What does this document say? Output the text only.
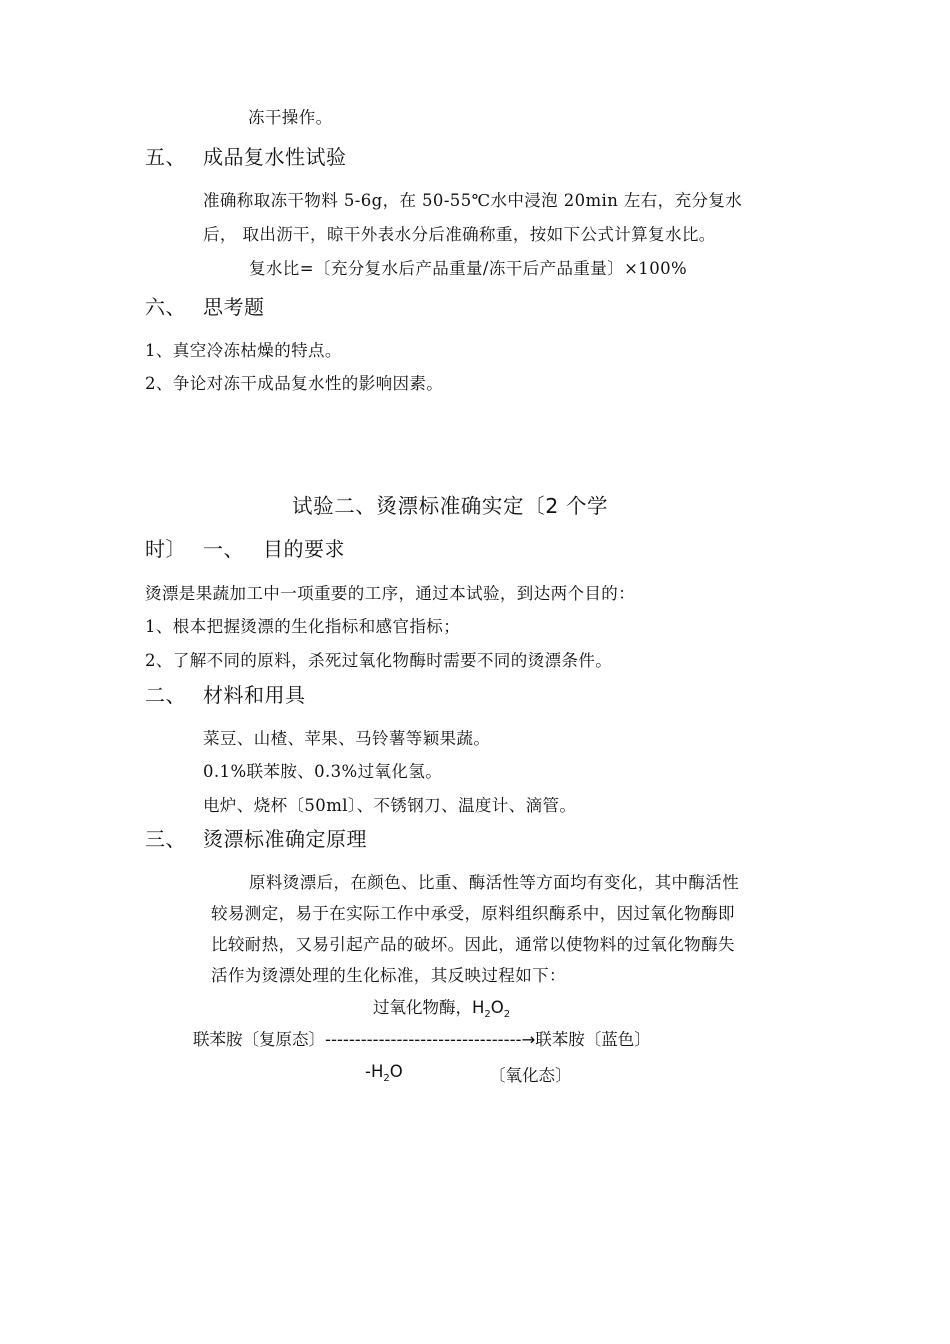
冻干操作。
五、 成品复水性试验
准确称取冻干物料 5-6g，在 50-55℃水中浸泡 20min 左右，充分复水
后， 取出沥干，晾干外表水分后准确称重，按如下公式计算复水比。
复水比=〔充分复水后产品重量/冻干后产品重量〕×100%
六、 思考题
1、真空冷冻枯燥的特点。
2、争论对冻干成品复水性的影响因素。
试验二、烫漂标准确实定〔2 个学
时〕 一、 目的要求
烫漂是果蔬加工中一项重要的工序，通过本试验，到达两个目的：
1、根本把握烫漂的生化指标和感官指标；
2、了解不同的原料，杀死过氧化物酶时需要不同的烫漂条件。
二、 材料和用具
菜豆、山楂、苹果、马铃薯等颖果蔬。
0.1%联苯胺、0.3%过氧化氢。
电炉、烧杯〔50ml〕、不锈钢刀、温度计、滴管。
三、 烫漂标准确定原理
原料烫漂后，在颜色、比重、酶活性等方面均有变化，其中酶活性
较易测定，易于在实际工作中承受，原料组织酶系中，因过氧化物酶即
比较耐热，又易引起产品的破坏。因此，通常以使物料的过氧化物酶失
活作为烫漂处理的生化标准，其反映过程如下：
过氧化物酶，$H_2O_2$
联苯胺〔复原态〕---------------------------------→联苯胺〔蓝色〕
$-H_2O$	〔氧化态〕
